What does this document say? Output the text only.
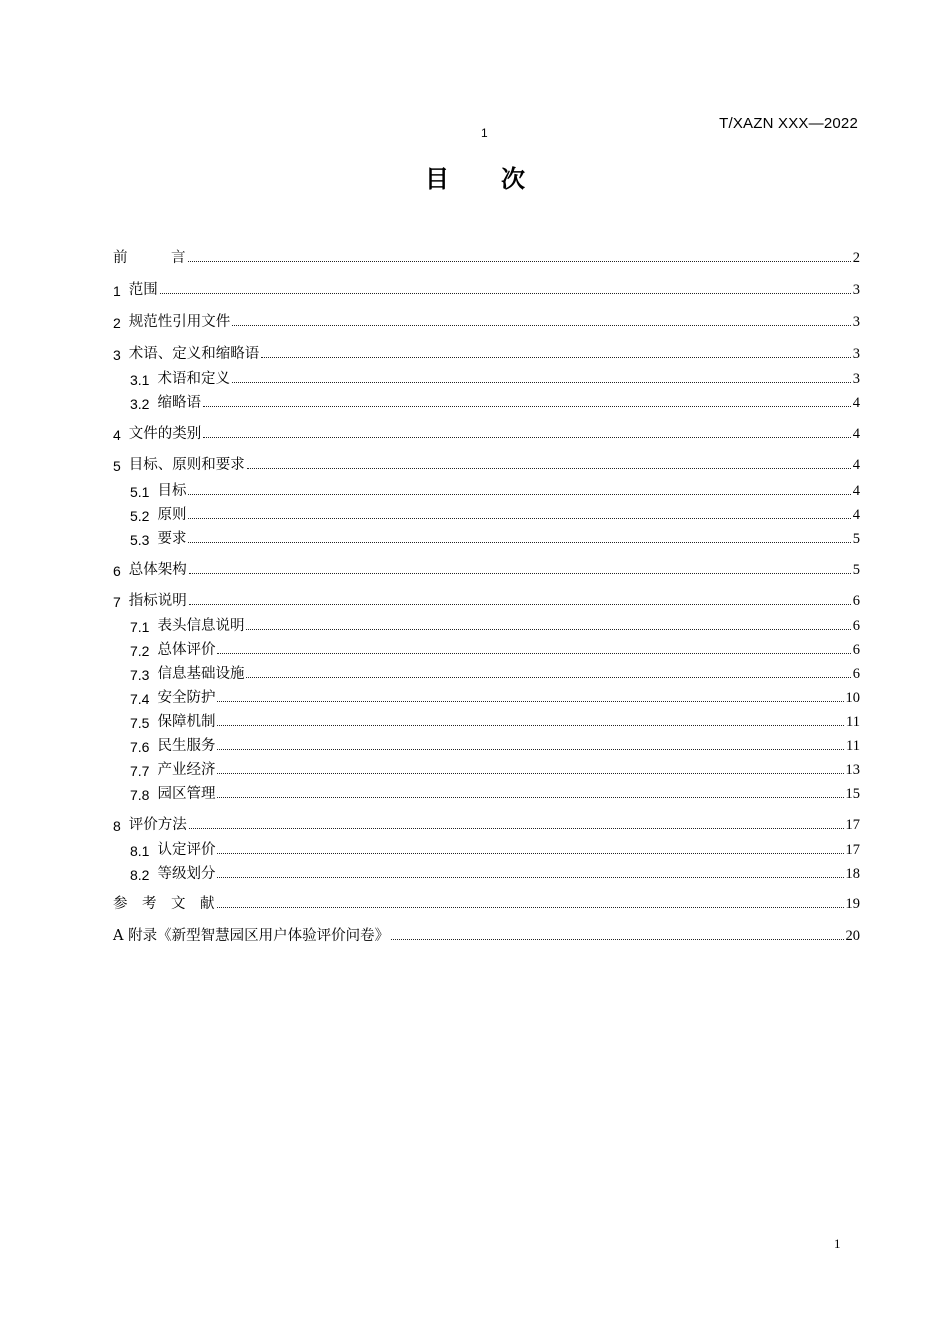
T/XAZN XXX—2022
1
目 次
前　　　言	2
1 范围	3
2 规范性引用文件	3
3 术语、定义和缩略语	3
3.1 术语和定义	3
3.2 缩略语	4
4 文件的类别	4
5 目标、原则和要求	4
5.1 目标	4
5.2 原则	4
5.3 要求	5
6 总体架构	5
7 指标说明	6
7.1 表头信息说明	6
7.2 总体评价	6
7.3 信息基础设施	6
7.4 安全防护	10
7.5 保障机制	11
7.6 民生服务	11
7.7 产业经济	13
7.8 园区管理	15
8 评价方法	17
8.1 认定评价	17
8.2 等级划分	18
参　考　文　献	19
A 附录《新型智慧园区用户体验评价问卷》	20
1
